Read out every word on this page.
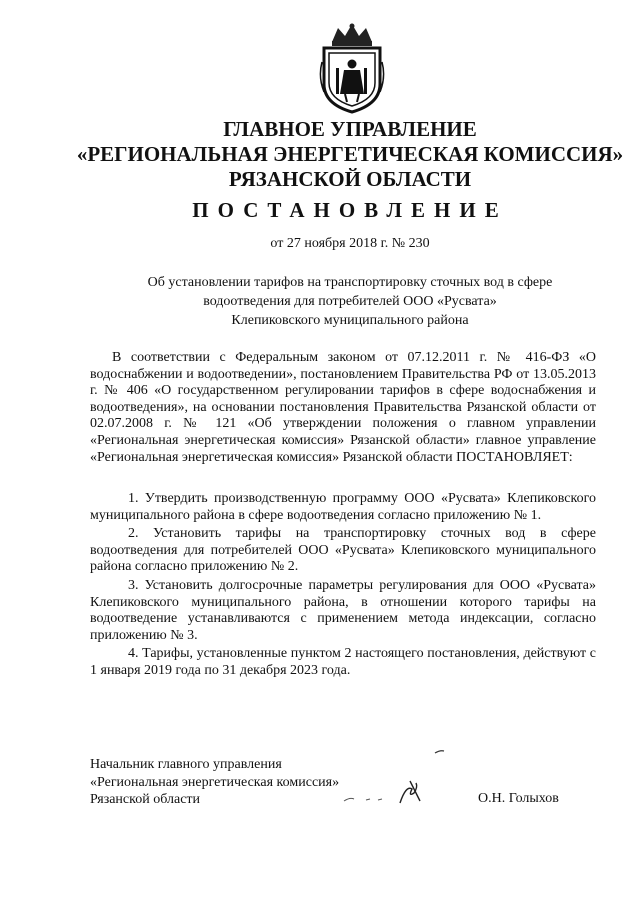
ГЛАВНОЕ УПРАВЛЕНИЕ
«РЕГИОНАЛЬНАЯ ЭНЕРГЕТИЧЕСКАЯ КОМИССИЯ»
РЯЗАНСКОЙ ОБЛАСТИ
ПОСТАНОВЛЕНИЕ
от 27 ноября 2018 г. № 230
Об установлении тарифов на транспортировку сточных вод в сфере
водоотведения для потребителей ООО «Русвата»
Клепиковского муниципального района
В соответствии с Федеральным законом от 07.12.2011 г. № 416-ФЗ «О водоснабжении и водоотведении», постановлением Правительства РФ от 13.05.2013 г. № 406 «О государственном регулировании тарифов в сфере водоснабжения и водоотведения», на основании постановления Правительства Рязанской области от 02.07.2008 г. № 121 «Об утверждении положения о главном управлении «Региональная энергетическая комиссия» Рязанской области» главное управление «Региональная энергетическая комиссия» Рязанской области ПОСТАНОВЛЯЕТ:

1. Утвердить производственную программу ООО «Русвата» Клепиковского муниципального района в сфере водоотведения согласно приложению № 1.

2. Установить тарифы на транспортировку сточных вод в сфере водоотведения для потребителей ООО «Русвата» Клепиковского муниципального района согласно приложению № 2.

3. Установить долгосрочные параметры регулирования для ООО «Русвата» Клепиковского муниципального района, в отношении которого тарифы на водоотведение устанавливаются с применением метода индексации, согласно приложению № 3.

4. Тарифы, установленные пунктом 2 настоящего постановления, действуют с 1 января 2019 года по 31 декабря 2023 года.

Начальник главного управления
«Региональная энергетическая комиссия»
Рязанской области	О.Н. Голыхов
